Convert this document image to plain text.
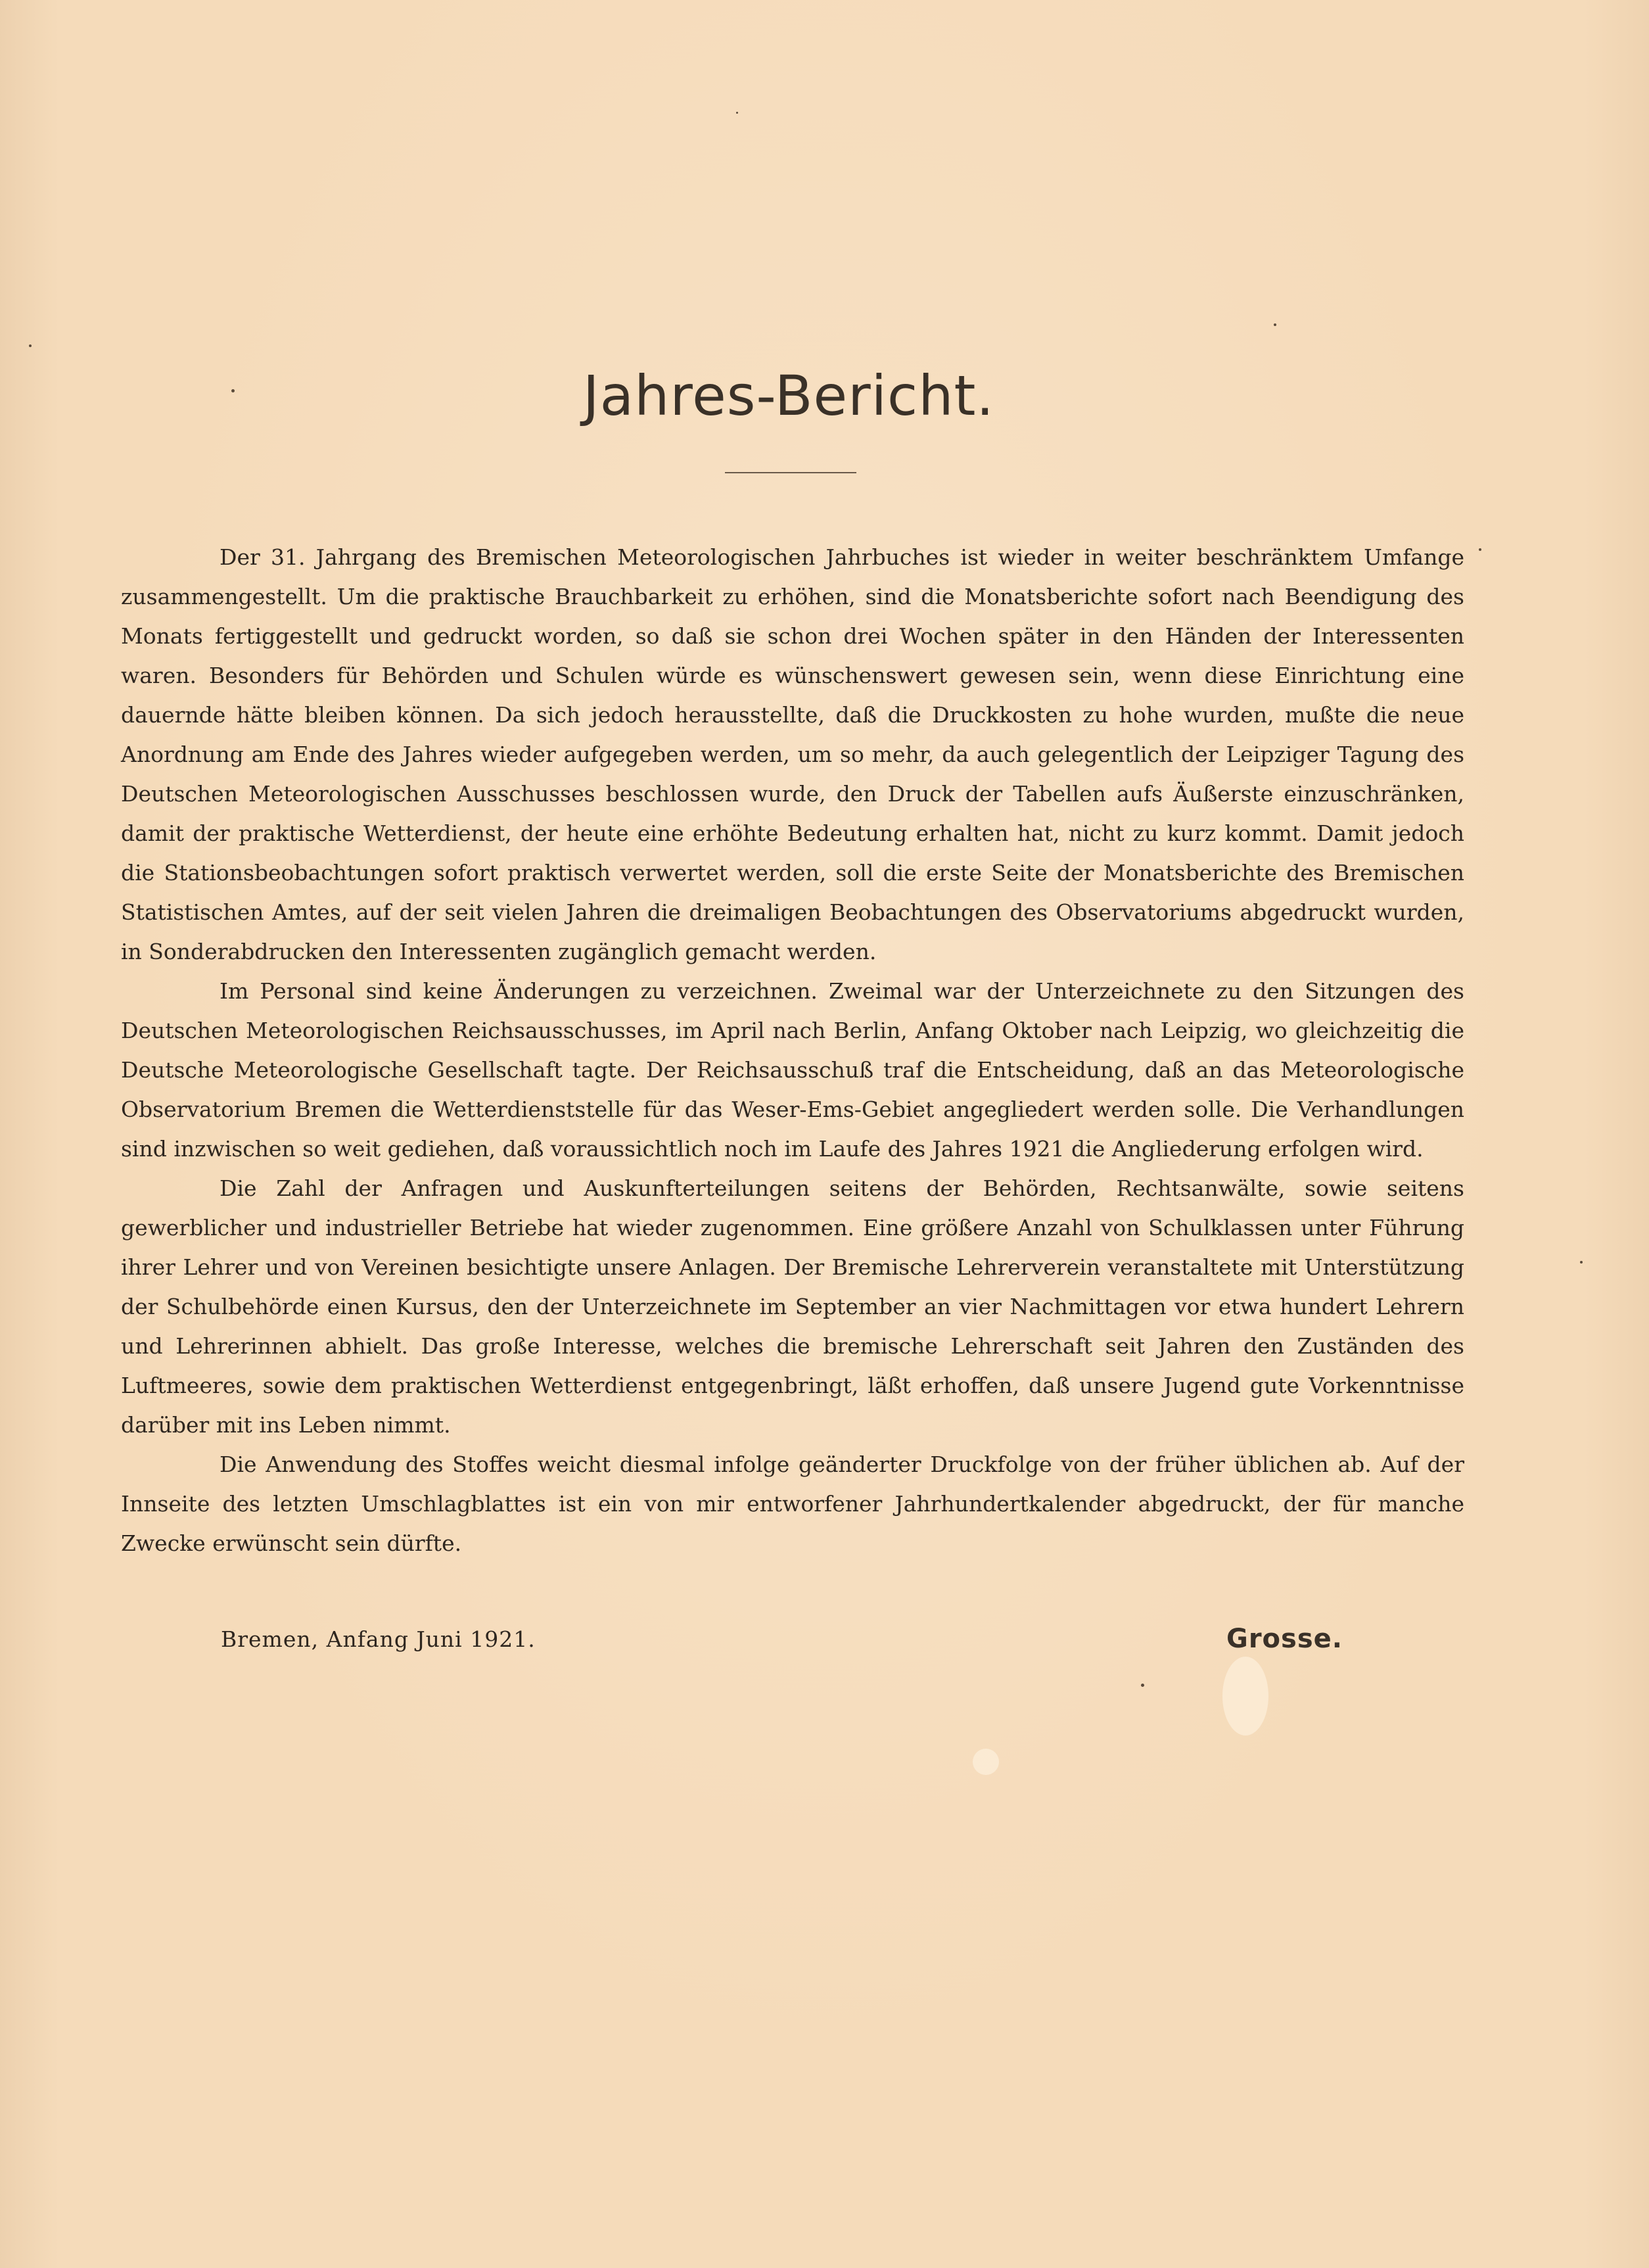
Jahres-Bericht.

Der 31. Jahrgang des Bremischen Meteorologischen Jahrbuches ist wieder in weiter beschränktem Umfange zusammengestellt. Um die praktische Brauchbarkeit zu erhöhen, sind die Monatsberichte sofort nach Beendigung des Monats fertiggestellt und gedruckt worden, so daß sie schon drei Wochen später in den Händen der Interessenten waren. Besonders für Behörden und Schulen würde es wünschenswert gewesen sein, wenn diese Einrichtung eine dauernde hätte bleiben können. Da sich jedoch herausstellte, daß die Druckkosten zu hohe wurden, mußte die neue Anordnung am Ende des Jahres wieder aufgegeben werden, um so mehr, da auch gelegentlich der Leipziger Tagung des Deutschen Meteorologischen Ausschusses beschlossen wurde, den Druck der Tabellen aufs Äußerste einzuschränken, damit der praktische Wetterdienst, der heute eine erhöhte Bedeutung erhalten hat, nicht zu kurz kommt. Damit jedoch die Stationsbeobachtungen sofort praktisch verwertet werden, soll die erste Seite der Monatsberichte des Bremischen Statistischen Amtes, auf der seit vielen Jahren die dreimaligen Beobachtungen des Observatoriums abgedruckt wurden, in Sonderabdrucken den Interessenten zugänglich gemacht werden.

Im Personal sind keine Änderungen zu verzeichnen. Zweimal war der Unterzeichnete zu den Sitzungen des Deutschen Meteorologischen Reichsausschusses, im April nach Berlin, Anfang Oktober nach Leipzig, wo gleichzeitig die Deutsche Meteorologische Gesellschaft tagte. Der Reichsausschuß traf die Entscheidung, daß an das Meteorologische Observatorium Bremen die Wetterdienststelle für das Weser-Ems-Gebiet angegliedert werden solle. Die Verhandlungen sind inzwischen so weit gediehen, daß voraussichtlich noch im Laufe des Jahres 1921 die Angliederung erfolgen wird.

Die Zahl der Anfragen und Auskunfterteilungen seitens der Behörden, Rechtsanwälte, sowie seitens gewerblicher und industrieller Betriebe hat wieder zugenommen. Eine größere Anzahl von Schulklassen unter Führung ihrer Lehrer und von Vereinen besichtigte unsere Anlagen. Der Bremische Lehrerverein veranstaltete mit Unterstützung der Schulbehörde einen Kursus, den der Unterzeichnete im September an vier Nachmittagen vor etwa hundert Lehrern und Lehrerinnen abhielt. Das große Interesse, welches die bremische Lehrerschaft seit Jahren den Zuständen des Luftmeeres, sowie dem praktischen Wetterdienst entgegenbringt, läßt erhoffen, daß unsere Jugend gute Vorkenntnisse darüber mit ins Leben nimmt.

Die Anwendung des Stoffes weicht diesmal infolge geänderter Druckfolge von der früher üblichen ab. Auf der Innseite des letzten Umschlagblattes ist ein von mir entworfener Jahrhundertkalender abgedruckt, der für manche Zwecke erwünscht sein dürfte.

Bremen, Anfang Juni 1921.	Grosse.
